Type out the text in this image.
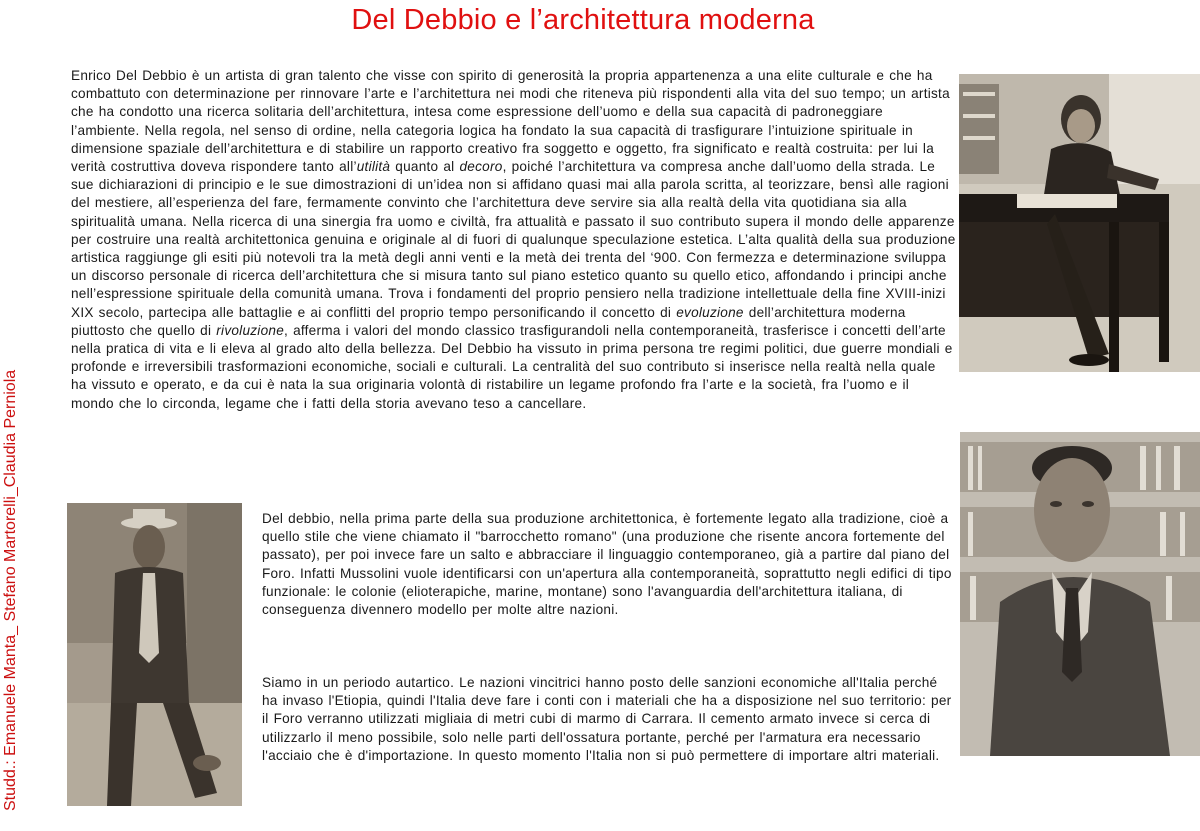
Del Debbio e l’architettura moderna
Studd.: Emanuele Manta_ Stefano Martorelli_Claudia Perniola

Enrico Del Debbio è un artista di gran talento che visse con spirito di generosità la propria appartenenza a una elite culturale e che ha combattuto con determinazione per rinnovare l’arte e l’architettura nei modi che riteneva più rispondenti alla vita del suo tempo; un artista che ha condotto una ricerca solitaria dell’architettura, intesa come espressione dell’uomo e della sua capacità di padroneggiare l’ambiente. Nella regola, nel senso di ordine, nella categoria logica ha fondato la sua capacità di trasfigurare l’intuizione spirituale in dimensione spaziale dell’architettura e di stabilire un rapporto creativo fra soggetto e oggetto, fra significato e realtà costruita: per lui la verità costruttiva doveva rispondere tanto all’utilità quanto al decoro, poiché l’architettura va compresa anche dall’uomo della strada. Le sue dichiarazioni di principio e le sue dimostrazioni di un’idea non si affidano quasi mai alla parola scritta, al teorizzare, bensì alle ragioni del mestiere, all’esperienza del fare, fermamente convinto che l’architettura deve servire sia alla realtà della vita quotidiana sia alla spiritualità umana. Nella ricerca di una sinergia fra uomo e civiltà, fra attualità e passato il suo contributo supera il mondo delle apparenze per costruire una realtà architettonica genuina e originale al di fuori di qualunque speculazione estetica. L’alta qualità della sua produzione artistica raggiunge gli esiti più notevoli tra la metà degli anni venti e la metà dei trenta del ‘900. Con fermezza e determinazione sviluppa un discorso personale di ricerca dell’architettura che si misura tanto sul piano estetico quanto su quello etico, affondando i principi anche nell’espressione spirituale della comunità umana. Trova i fondamenti del proprio pensiero nella tradizione intellettuale della fine XVIII-inizi XIX secolo, partecipa alle battaglie e ai conflitti del proprio tempo personificando il concetto di evoluzione dell’architettura moderna piuttosto che quello di rivoluzione, afferma i valori del mondo classico trasfigurandoli nella contemporaneità, trasferisce i concetti dell’arte nella pratica di vita e li eleva al grado alto della bellezza. Del Debbio ha vissuto in prima persona tre regimi politici, due guerre mondiali e profonde e irreversibili trasformazioni economiche, sociali e culturali. La centralità del suo contributo si inserisce nella realtà nella quale ha vissuto e operato, e da cui è nata la sua originaria volontà di ristabilire un legame profondo fra l’arte e la società, fra l’uomo e il mondo che lo circonda, legame che i fatti della storia avevano teso a cancellare.

Del debbio, nella prima parte della sua produzione architettonica, è fortemente legato alla tradizione, cioè a quello stile che viene chiamato il "barrocchetto romano" (una produzione che risente ancora fortemente del passato), per poi invece fare un salto e abbracciare il linguaggio contemporaneo, già a partire dal piano del Foro. Infatti Mussolini vuole identificarsi con un'apertura alla contemporaneità, soprattutto negli edifici di tipo funzionale: le colonie (elioterapiche, marine, montane) sono l'avanguardia dell'architettura italiana, di conseguenza divennero modello per molte altre nazioni.

Siamo in un periodo autartico. Le nazioni vincitrici hanno posto delle sanzioni economiche all'Italia perché ha invaso l'Etiopia, quindi l'Italia deve fare i conti con i materiali che ha a disposizione nel suo territorio: per il Foro verranno utilizzati migliaia di metri cubi di marmo di Carrara. Il cemento armato invece si cerca di utilizzarlo il meno possibile, solo nelle parti dell'ossatura portante, perché per l'armatura era necessario l'acciaio che è d'importazione. In questo momento l'Italia non si può permettere di importare altri materiali.
